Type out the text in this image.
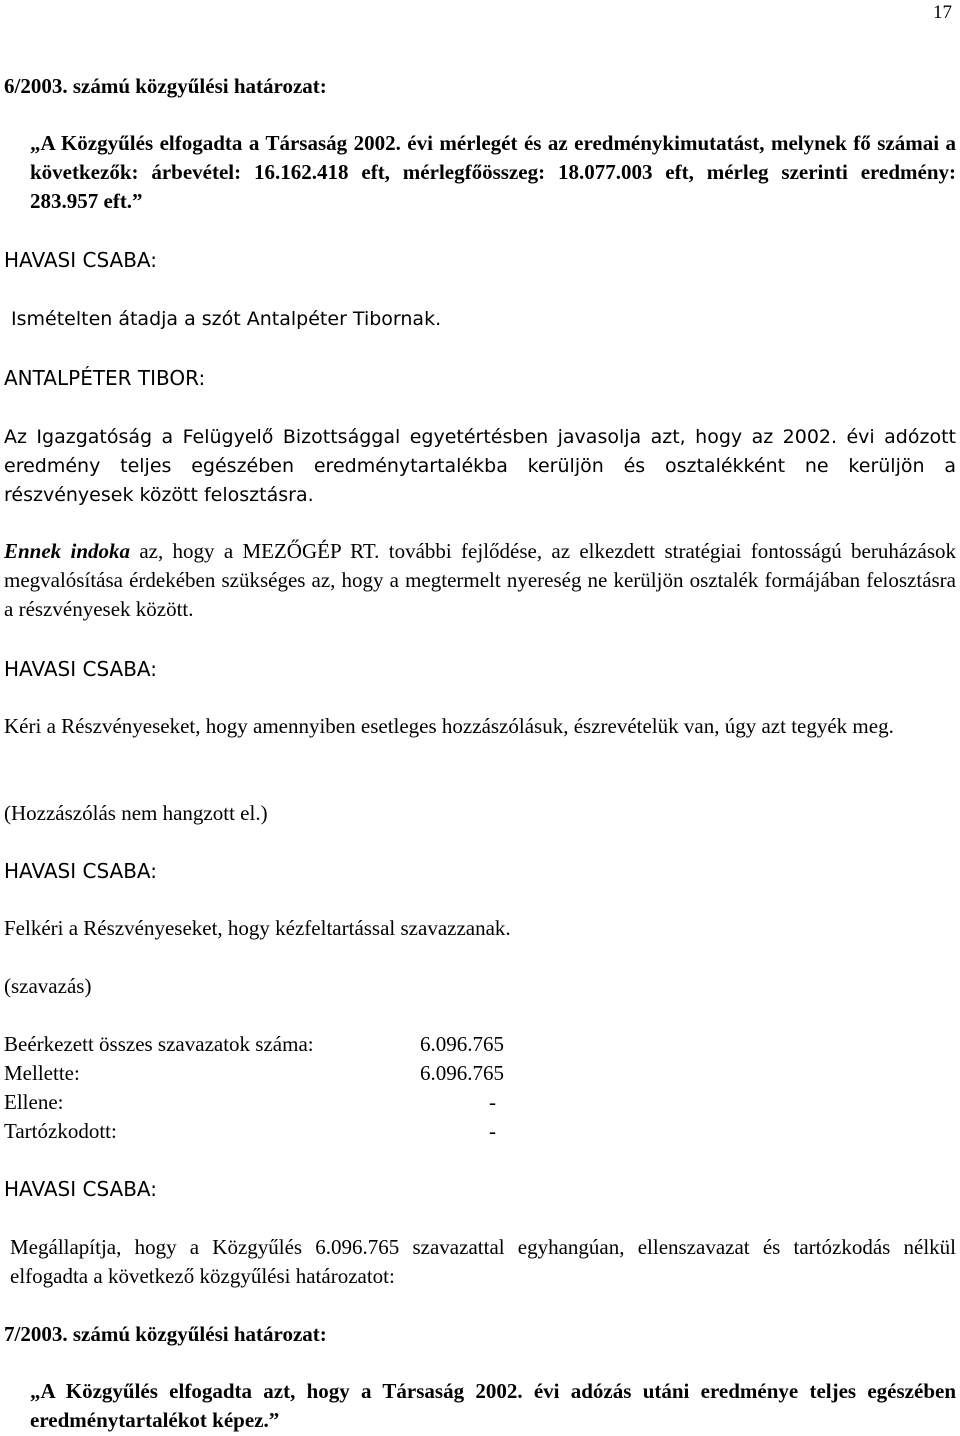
17
6/2003. számú közgyűlési határozat:
„A Közgyűlés elfogadta a Társaság 2002. évi mérlegét és az eredménykimutatást, melynek fő számai a következők: árbevétel: 16.162.418 eft, mérlegfőösszeg: 18.077.003 eft, mérleg szerinti eredmény: 283.957 eft.”
HAVASI CSABA:
Ismételten átadja a szót Antalpéter Tibornak.
ANTALPÉTER TIBOR:
Az Igazgatóság a Felügyelő Bizottsággal egyetértésben javasolja azt, hogy az 2002. évi adózott eredmény teljes egészében eredménytartalékba kerüljön és osztalékként ne kerüljön a részvényesek között felosztásra.
Ennek indoka az, hogy a MEZŐGÉP RT. további fejlődése, az elkezdett stratégiai fontosságú beruházások megvalósítása érdekében szükséges az, hogy a megtermelt nyereség ne kerüljön osztalék formájában felosztásra a részvényesek között.
HAVASI CSABA:
Kéri a Részvényeseket, hogy amennyiben esetleges hozzászólásuk, észrevételük van, úgy azt tegyék meg.
(Hozzászólás nem hangzott el.)
HAVASI CSABA:
Felkéri a Részvényeseket, hogy kézfeltartással szavazzanak.
(szavazás)
Beérkezett összes szavazatok száma:	6.096.765
Mellette:	6.096.765
Ellene:	-
Tartózkodott:	-
HAVASI CSABA:
Megállapítja, hogy a Közgyűlés 6.096.765 szavazattal egyhangúan, ellenszavazat és tartózkodás nélkül elfogadta a következő közgyűlési határozatot:
7/2003. számú közgyűlési határozat:
„A Közgyűlés elfogadta azt, hogy a Társaság 2002. évi adózás utáni eredménye teljes egészében eredménytartalékot képez.”
